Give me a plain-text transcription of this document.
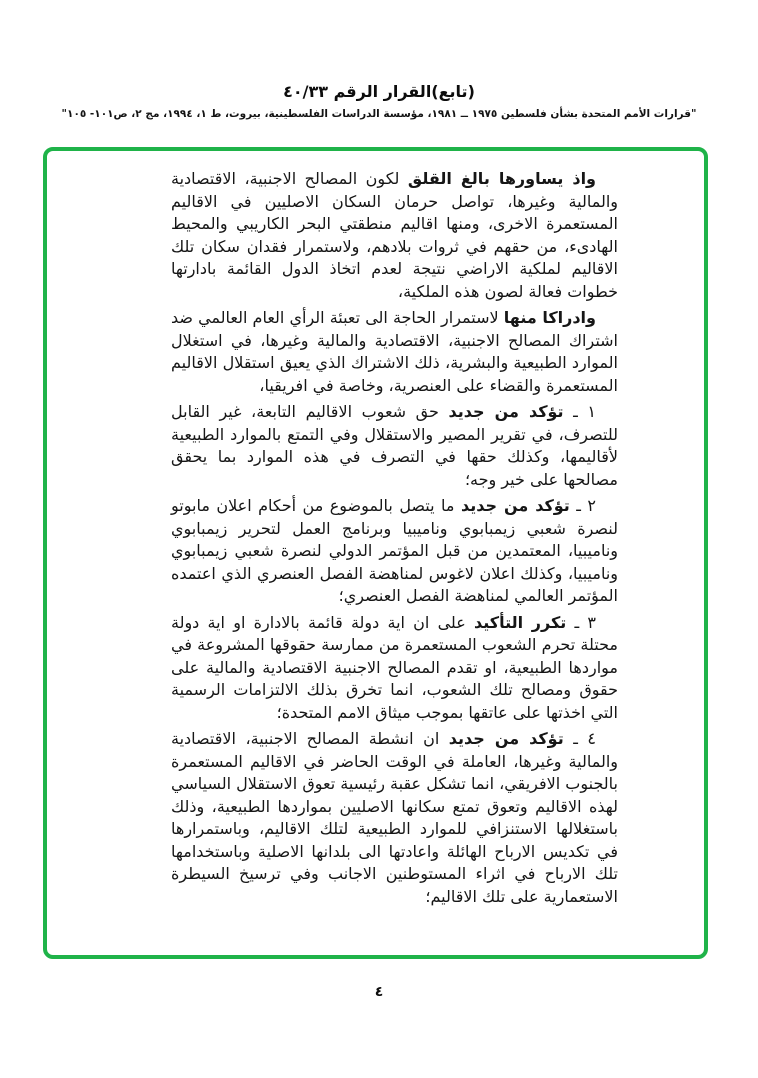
(تابع)القرار الرقم ٤٠/٣٣
"قرارات الأمم المتحدة بشأن فلسطين ١٩٧٥ ــ ١٩٨١، مؤسسة الدراسات الفلسطينية، بيروت، ط ١، ١٩٩٤، مج ٢، ص١٠١- ١٠٥"

واذ يساورها بالغ القلق لكون المصالح الاجنبية، الاقتصادية والمالية وغيرها، تواصل حرمان السكان الاصليين في الاقاليم المستعمرة الاخرى، ومنها اقاليم منطقتي البحر الكاريبي والمحيط الهادىء، من حقهم في ثروات بلادهم، ولاستمرار فقدان سكان تلك الاقاليم لملكية الاراضي نتيجة لعدم اتخاذ الدول القائمة بادارتها خطوات فعالة لصون هذه الملكية،

وادراكا منها لاستمرار الحاجة الى تعبئة الرأي العام العالمي ضد اشتراك المصالح الاجنبية، الاقتصادية والمالية وغيرها، في استغلال الموارد الطبيعية والبشرية، ذلك الاشتراك الذي يعيق استقلال الاقاليم المستعمرة والقضاء على العنصرية، وخاصة في افريقيا،

١ ـ تؤكد من جديد حق شعوب الاقاليم التابعة، غير القابل للتصرف، في تقرير المصير والاستقلال وفي التمتع بالموارد الطبيعية لأقاليمها، وكذلك حقها في التصرف في هذه الموارد بما يحقق مصالحها على خير وجه؛

٢ ـ تؤكد من جديد ما يتصل بالموضوع من أحكام اعلان مابوتو لنصرة شعبي زيمبابوي وناميبيا وبرنامج العمل لتحرير زيمبابوي وناميبيا، المعتمدين من قبل المؤتمر الدولي لنصرة شعبي زيمبابوي وناميبيا، وكذلك اعلان لاغوس لمناهضة الفصل العنصري الذي اعتمده المؤتمر العالمي لمناهضة الفصل العنصري؛

٣ ـ تكرر التأكيد على ان اية دولة قائمة بالادارة او اية دولة محتلة تحرم الشعوب المستعمرة من ممارسة حقوقها المشروعة في مواردها الطبيعية، او تقدم المصالح الاجنبية الاقتصادية والمالية على حقوق ومصالح تلك الشعوب، انما تخرق بذلك الالتزامات الرسمية التي اخذتها على عاتقها بموجب ميثاق الامم المتحدة؛

٤ ـ تؤكد من جديد ان انشطة المصالح الاجنبية، الاقتصادية والمالية وغيرها، العاملة في الوقت الحاضر في الاقاليم المستعمرة بالجنوب الافريقي، انما تشكل عقبة رئيسية تعوق الاستقلال السياسي لهذه الاقاليم وتعوق تمتع سكانها الاصليين بمواردها الطبيعية، وذلك باستغلالها الاستنزافي للموارد الطبيعية لتلك الاقاليم، وباستمرارها في تكديس الارباح الهائلة واعادتها الى بلدانها الاصلية وباستخدامها تلك الارباح في اثراء المستوطنين الاجانب وفي ترسيخ السيطرة الاستعمارية على تلك الاقاليم؛

٤
